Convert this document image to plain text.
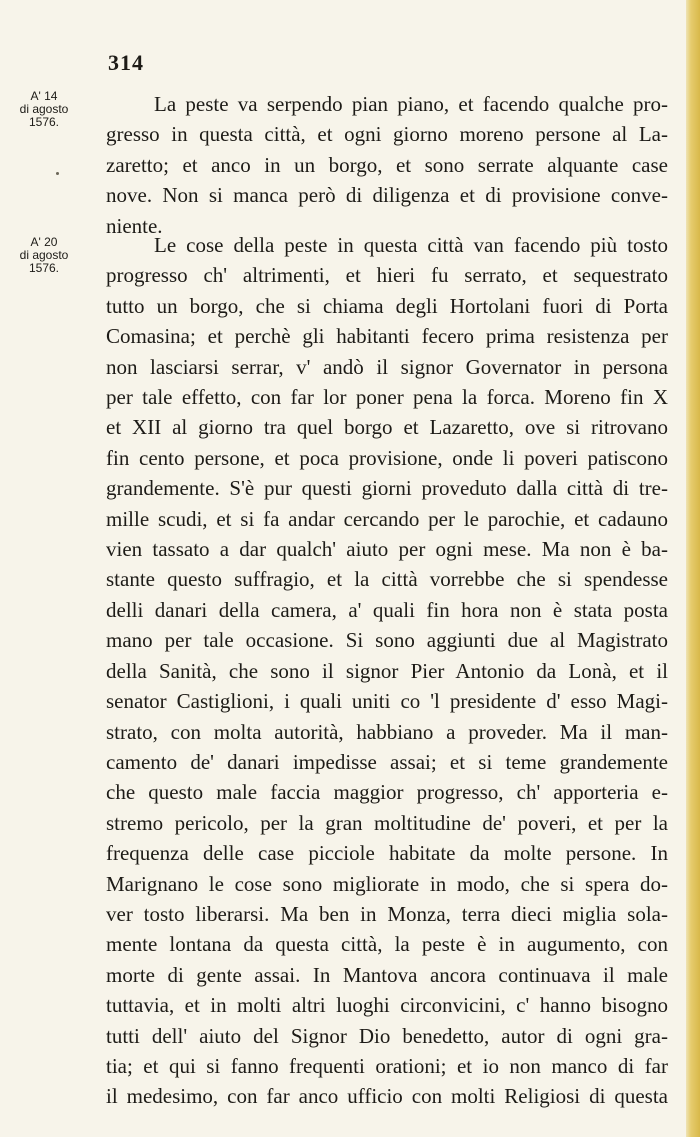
314
A' 14
di agosto
1576.
A' 20
di agosto
1576.
La peste va serpendo pian piano, et facendo qualche pro-
gresso in questa città, et ogni giorno moreno persone al La-
zaretto; et anco in un borgo, et sono serrate alquante case
nove. Non si manca però di diligenza et di provisione conve-
niente.
Le cose della peste in questa città van facendo più tosto
progresso ch' altrimenti, et hieri fu serrato, et sequestrato
tutto un borgo, che si chiama degli Hortolani fuori di Porta
Comasina; et perchè gli habitanti fecero prima resistenza per
non lasciarsi serrar, v' andò il signor Governator in persona
per tale effetto, con far lor poner pena la forca. Moreno fin X
et XII al giorno tra quel borgo et Lazaretto, ove si ritrovano
fin cento persone, et poca provisione, onde li poveri patiscono
grandemente. S'è pur questi giorni proveduto dalla città di tre-
mille scudi, et si fa andar cercando per le parochie, et cadauno
vien tassato a dar qualch' aiuto per ogni mese. Ma non è ba-
stante questo suffragio, et la città vorrebbe che si spendesse
delli danari della camera, a' quali fin hora non è stata posta
mano per tale occasione. Si sono aggiunti due al Magistrato
della Sanità, che sono il signor Pier Antonio da Lonà, et il
senator Castiglioni, i quali uniti co 'l presidente d' esso Magi-
strato, con molta autorità, habbiano a proveder. Ma il man-
camento de' danari impedisse assai; et si teme grandemente
che questo male faccia maggior progresso, ch' apporteria e-
stremo pericolo, per la gran moltitudine de' poveri, et per la
frequenza delle case picciole habitate da molte persone. In
Marignano le cose sono migliorate in modo, che si spera do-
ver tosto liberarsi. Ma ben in Monza, terra dieci miglia sola-
mente lontana da questa città, la peste è in augumento, con
morte di gente assai. In Mantova ancora continuava il male
tuttavia, et in molti altri luoghi circonvicini, c' hanno bisogno
tutti dell' aiuto del Signor Dio benedetto, autor di ogni gra-
tia; et qui si fanno frequenti orationi; et io non manco di far
il medesimo, con far anco ufficio con molti Religiosi di questa
